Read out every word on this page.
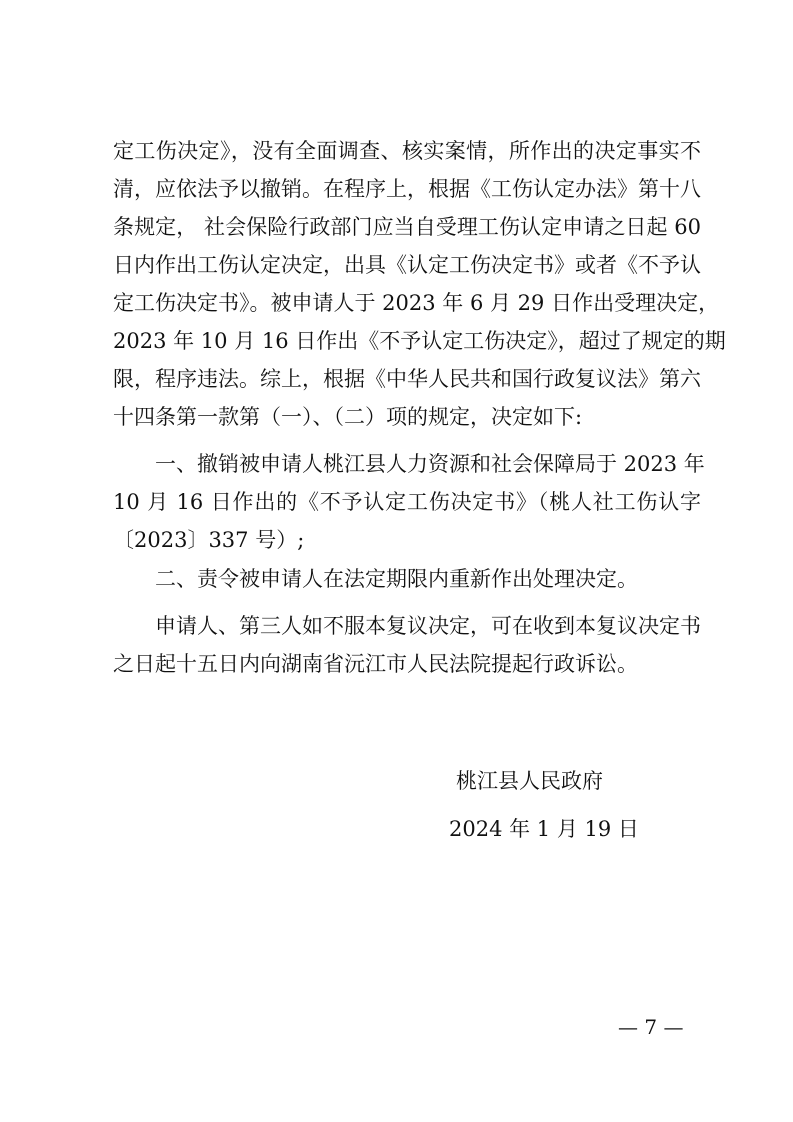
定工伤决定》，没有全面调查、核实案情，所作出的决定事实不
清，应依法予以撤销。在程序上，根据《工伤认定办法》第十八
条规定， 社会保险行政部门应当自受理工伤认定申请之日起 60
日内作出工伤认定决定，出具《认定工伤决定书》或者《不予认
定工伤决定书》。被申请人于 2023 年 6 月 29 日作出受理决定，
2023 年 10 月 16 日作出《不予认定工伤决定》，超过了规定的期
限，程序违法。综上，根据《中华人民共和国行政复议法》第六
十四条第一款第（一）、（二）项的规定，决定如下:
一、撤销被申请人桃江县人力资源和社会保障局于 2023 年
10 月 16 日作出的《不予认定工伤决定书》（桃人社工伤认字
〔2023〕337 号）;
二、责令被申请人在法定期限内重新作出处理决定。
申请人、第三人如不服本复议决定，可在收到本复议决定书
之日起十五日内向湖南省沅江市人民法院提起行政诉讼。
桃江县人民政府
2024 年 1 月 19 日
— 7 —
